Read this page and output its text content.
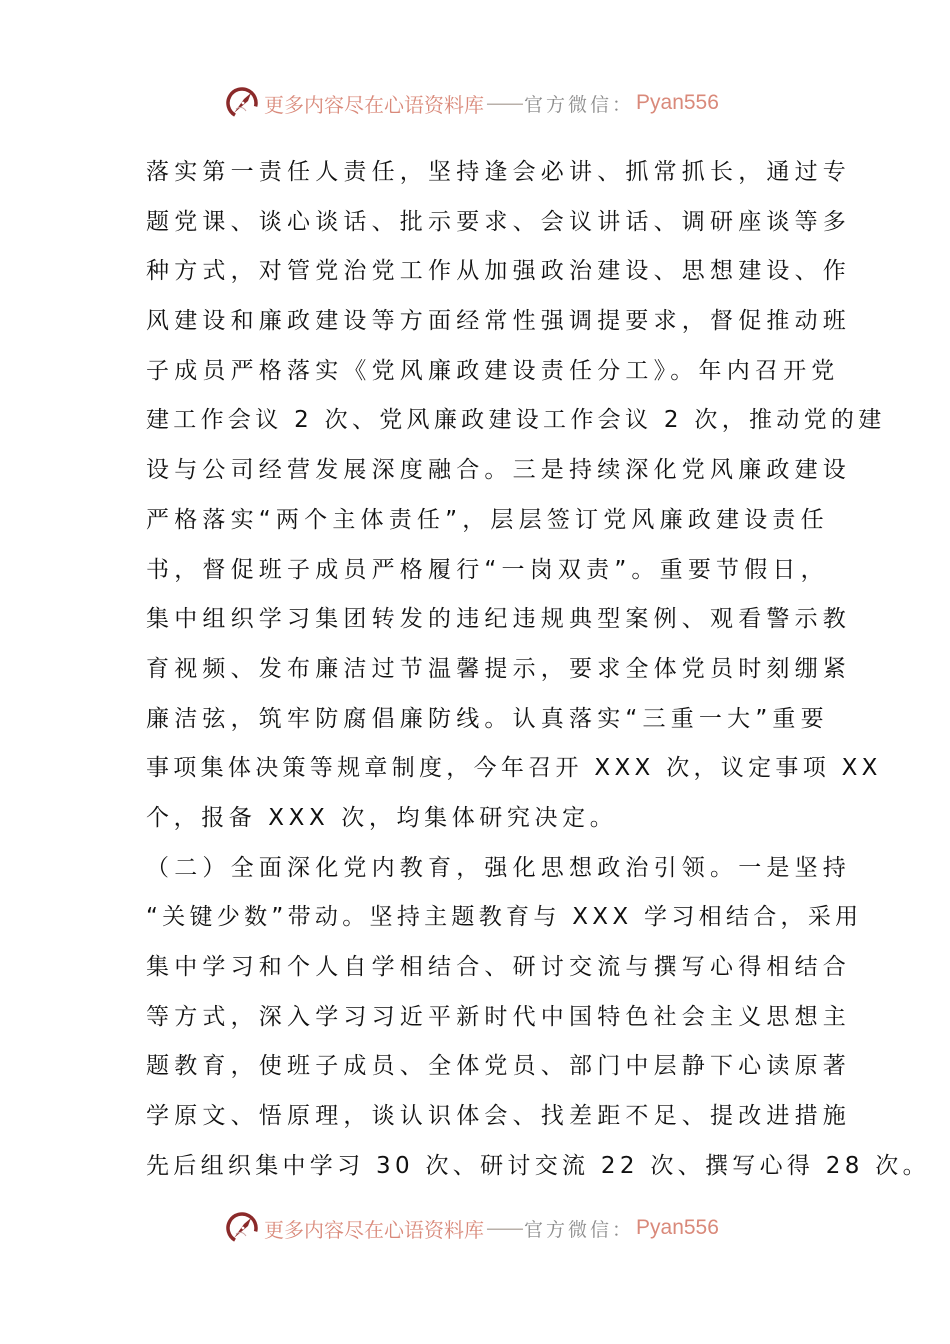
更多内容尽在心语资料库 —— 官方微信： Pyan556
落实第一责任人责任，坚持逢会必讲、抓常抓长，通过专
题党课、谈心谈话、批示要求、会议讲话、调研座谈等多
种方式，对管党治党工作从加强政治建设、思想建设、作
风建设和廉政建设等方面经常性强调提要求，督促推动班
子成员严格落实《党风廉政建设责任分工》。年内召开党
建工作会议 2 次、党风廉政建设工作会议 2 次，推动党的建
设与公司经营发展深度融合。三是持续深化党风廉政建设
严格落实“两个主体责任”，层层签订党风廉政建设责任
书，督促班子成员严格履行“一岗双责”。重要节假日，
集中组织学习集团转发的违纪违规典型案例、观看警示教
育视频、发布廉洁过节温馨提示，要求全体党员时刻绷紧
廉洁弦，筑牢防腐倡廉防线。认真落实“三重一大”重要
事项集体决策等规章制度，今年召开 XXX 次，议定事项 XX
个，报备 XXX 次，均集体研究决定。
（二）全面深化党内教育，强化思想政治引领。一是坚持
“关键少数”带动。坚持主题教育与 XXX 学习相结合，采用
集中学习和个人自学相结合、研讨交流与撰写心得相结合
等方式，深入学习习近平新时代中国特色社会主义思想主
题教育，使班子成员、全体党员、部门中层静下心读原著
学原文、悟原理，谈认识体会、找差距不足、提改进措施
先后组织集中学习 30 次、研讨交流 22 次、撰写心得 28 次。
更多内容尽在心语资料库 —— 官方微信： Pyan556
